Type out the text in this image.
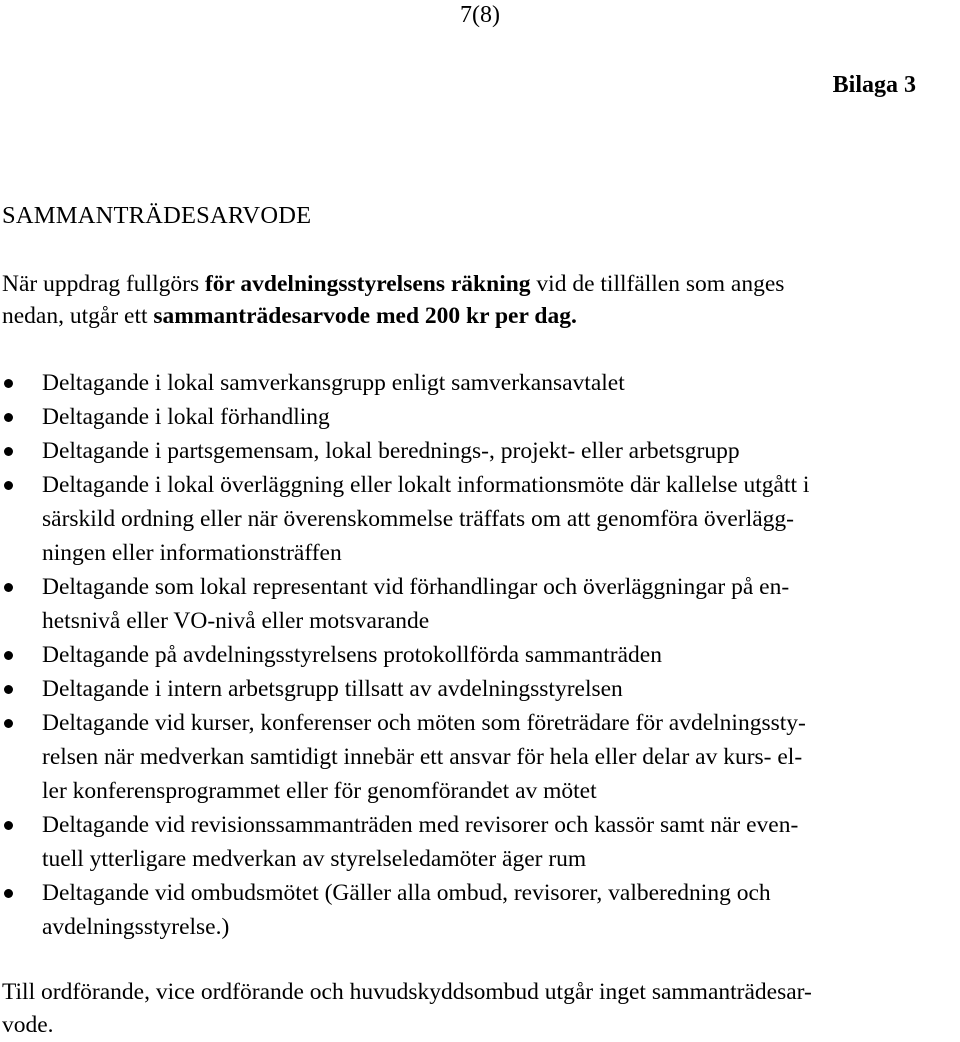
7(8)
Bilaga 3
SAMMANTRÄDESARVODE

När uppdrag fullgörs för avdelningsstyrelsens räkning vid de tillfällen som anges
nedan, utgår ett sammanträdesarvode med 200 kr per dag.

Deltagande i lokal samverkansgrupp enligt samverkansavtalet
Deltagande i lokal förhandling
Deltagande i partsgemensam, lokal berednings-, projekt- eller arbetsgrupp
Deltagande i lokal överläggning eller lokalt informationsmöte där kallelse utgått i
särskild ordning eller när överenskommelse träffats om att genomföra överlägg-
ningen eller informationsträffen
Deltagande som lokal representant vid förhandlingar och överläggningar på en-
hetsnivå eller VO-nivå eller motsvarande
Deltagande på avdelningsstyrelsens protokollförda sammanträden
Deltagande i intern arbetsgrupp tillsatt av avdelningsstyrelsen
Deltagande vid kurser, konferenser och möten som företrädare för avdelningssty-
relsen när medverkan samtidigt innebär ett ansvar för hela eller delar av kurs- el-
ler konferensprogrammet eller för genomförandet av mötet
Deltagande vid revisionssammanträden med revisorer och kassör samt när even-
tuell ytterligare medverkan av styrelseledamöter äger rum
Deltagande vid ombudsmötet (Gäller alla ombud, revisorer, valberedning och
avdelningsstyrelse.)

Till ordförande, vice ordförande och huvudskyddsombud utgår inget sammanträdesar-
vode.
